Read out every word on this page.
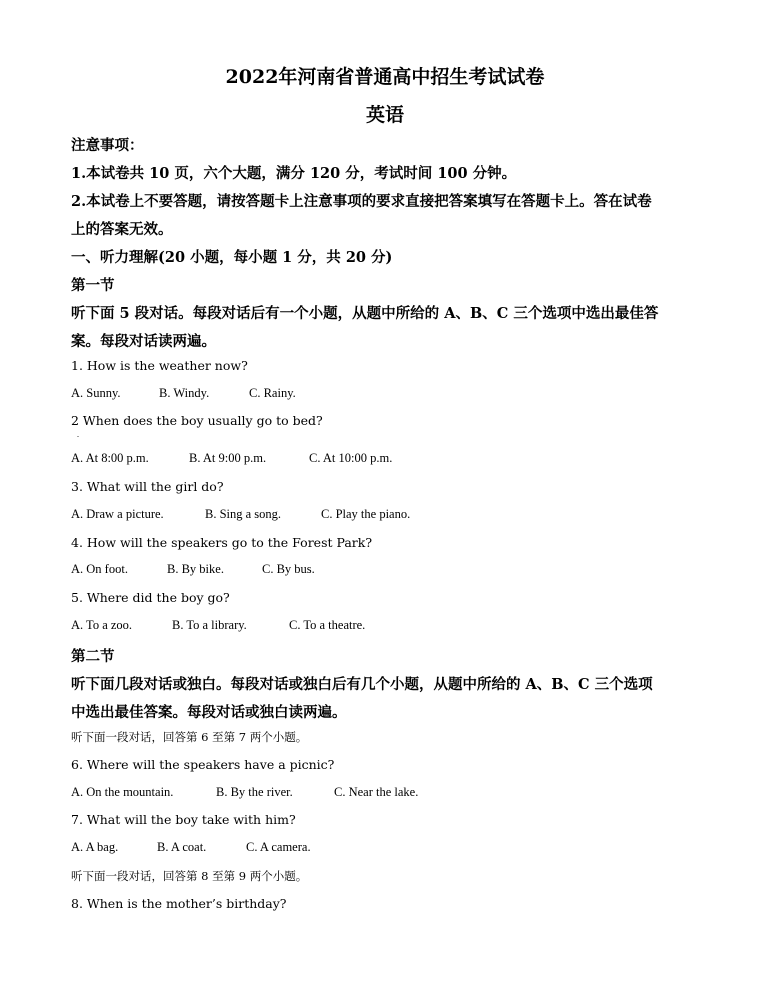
2022年河南省普通高中招生考试试卷
英语
注意事项：
1.本试卷共 10 页，六个大题，满分 120 分，考试时间 100 分钟。
2.本试卷上不要答题，请按答题卡上注意事项的要求直接把答案填写在答题卡上。答在试卷
上的答案无效。
一、听力理解(20 小题，每小题 1 分，共 20 分)
第一节
听下面 5 段对话。每段对话后有一个小题，从题中所给的 A、B、C 三个选项中选出最佳答
案。每段对话读两遍。
1. How is the weather now?
A. Sunny.	B. Windy.	C. Rainy.
2 When does the boy usually go to bed?
.
A. At 8:00 p.m.	B. At 9:00 p.m.	C. At 10:00 p.m.
3. What will the girl do?
A. Draw a picture.	B. Sing a song.	C. Play the piano.
4. How will the speakers go to the Forest Park?
A. On foot.	B. By bike.	C. By bus.
5. Where did the boy go?
A. To a zoo.	B. To a library.	C. To a theatre.
第二节
听下面几段对话或独白。每段对话或独白后有几个小题，从题中所给的 A、B、C 三个选项
中选出最佳答案。每段对话或独白读两遍。
听下面一段对话，回答第 6 至第 7 两个小题。
6. Where will the speakers have a picnic?
A. On the mountain.	B. By the river.	C. Near the lake.
7. What will the boy take with him?
A. A bag.	B. A coat.	C. A camera.
听下面一段对话，回答第 8 至第 9 两个小题。
8. When is the mother’s birthday?
